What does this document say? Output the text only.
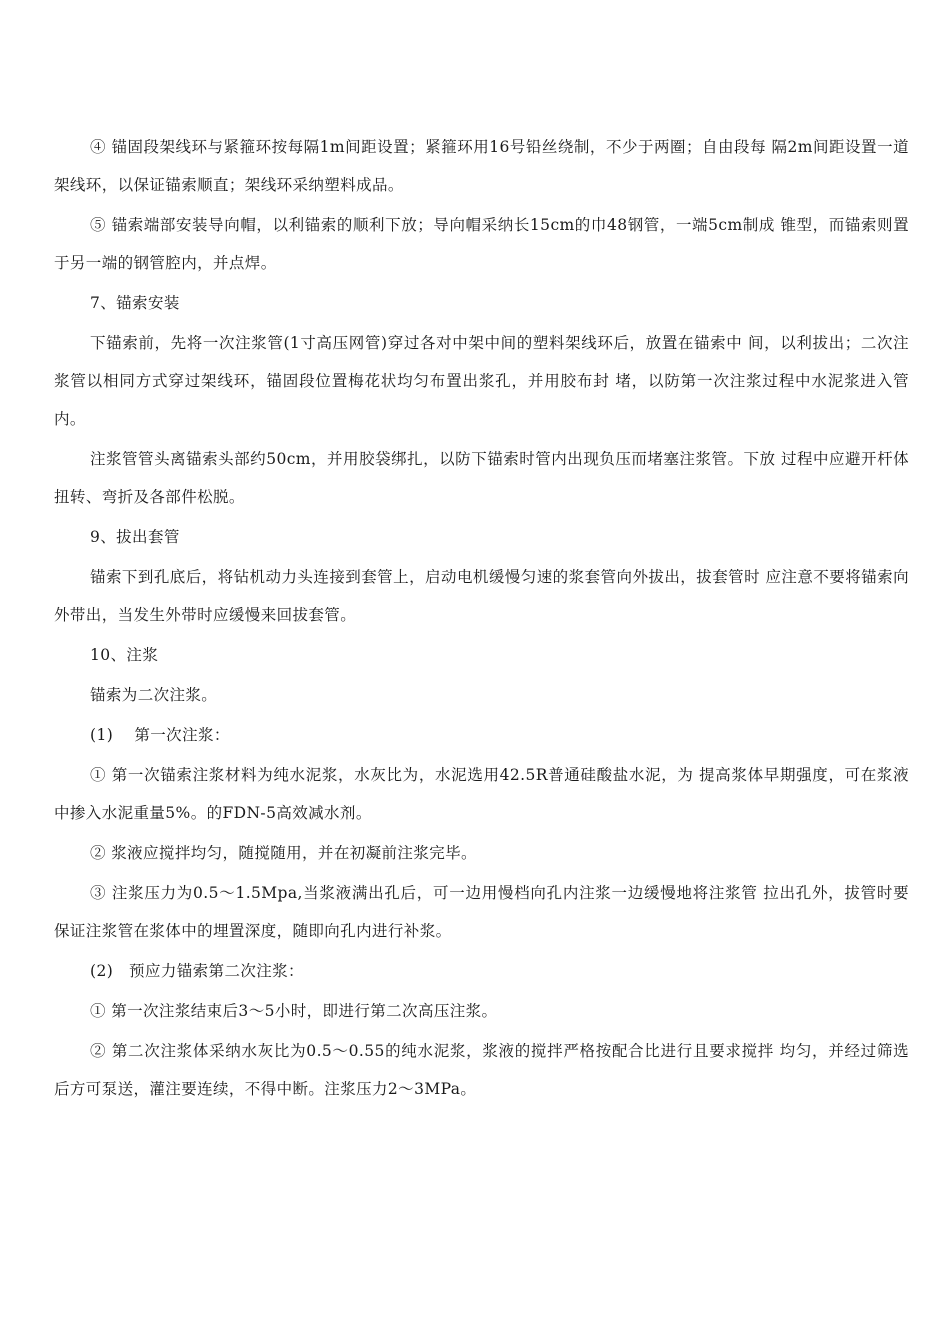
④ 锚固段架线环与紧箍环按每隔1m间距设置；紧箍环用16号铅丝绕制，不少于两圈；自由段每 隔2m间距设置一道架线环，以保证锚索顺直；架线环采纳塑料成品。

⑤ 锚索端部安装导向帽，以利锚索的顺利下放；导向帽采纳长15cm的巾48钢管，一端5cm制成 锥型，而锚索则置于另一端的钢管腔内，并点焊。

7、锚索安装

下锚索前，先将一次注浆管(1寸高压网管)穿过各对中架中间的塑料架线环后，放置在锚索中 间，以利拔出；二次注浆管以相同方式穿过架线环，锚固段位置梅花状均匀布置出浆孔，并用胶布封 堵，以防第一次注浆过程中水泥浆进入管内。

注浆管管头离锚索头部约50cm，并用胶袋绑扎，以防下锚索时管内出现负压而堵塞注浆管。下放 过程中应避开杆体扭转、弯折及各部件松脱。

9、拔出套管

锚索下到孔底后，将钻机动力头连接到套管上，启动电机缓慢匀速的浆套管向外拔出，拔套管时 应注意不要将锚索向外带出，当发生外带时应缓慢来回拔套管。

10、注浆

锚索为二次注浆。

(1)　 第一次注浆：

① 第一次锚索注浆材料为纯水泥浆，水灰比为，水泥选用42.5R普通硅酸盐水泥，为 提高浆体早期强度，可在浆液中掺入水泥重量5%。的FDN-5高效减水剂。

② 浆液应搅拌均匀，随搅随用，并在初凝前注浆完毕。

③ 注浆压力为0.5〜1.5Mpa,当浆液满出孔后，可一边用慢档向孔内注浆一边缓慢地将注浆管 拉出孔外，拔管时要保证注浆管在浆体中的埋置深度，随即向孔内进行补浆。

(2)　预应力锚索第二次注浆：

① 第一次注浆结束后3〜5小时，即进行第二次高压注浆。

② 第二次注浆体采纳水灰比为0.5〜0.55的纯水泥浆，浆液的搅拌严格按配合比进行且要求搅拌 均匀，并经过筛选后方可泵送，灌注要连续，不得中断。注浆压力2〜3MPa。
